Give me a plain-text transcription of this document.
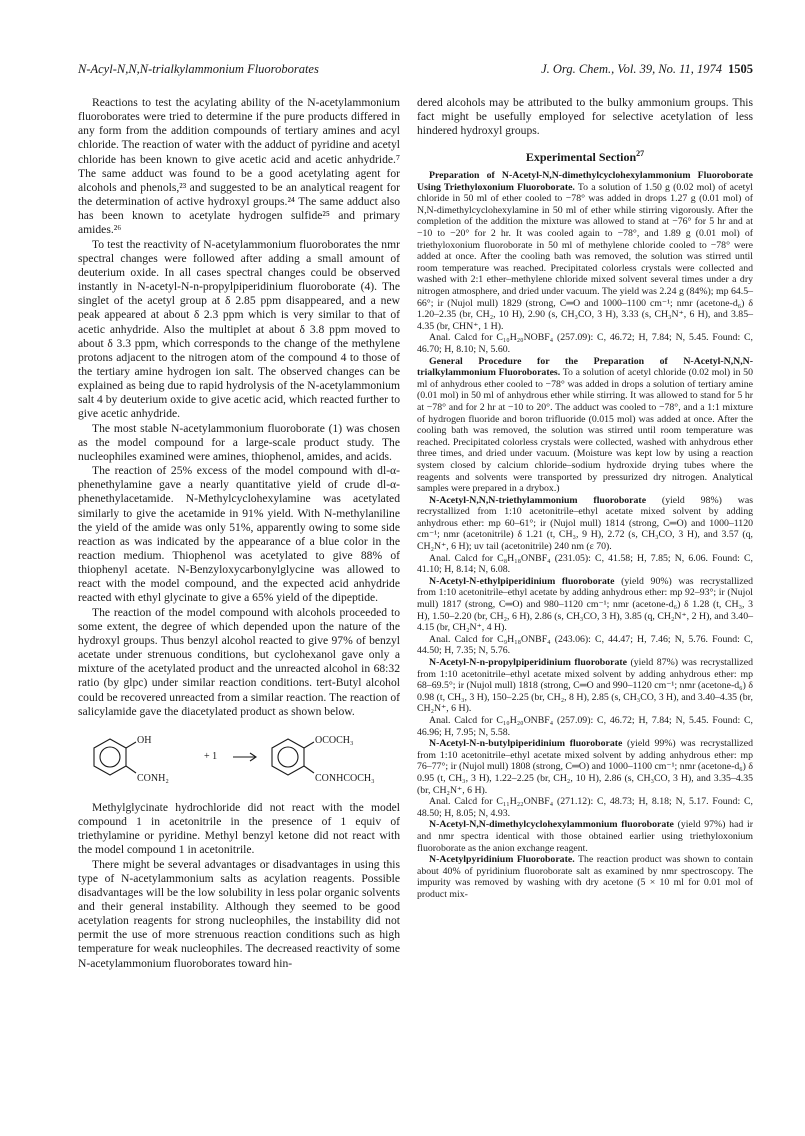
N-Acyl-N,N,N-trialkylammonium Fluoroborates	J. Org. Chem., Vol. 39, No. 11, 1974 1505

Reactions to test the acylating ability of the N-acetylammonium fluoroborates were tried to determine if the pure products differed in any form from the addition compounds of tertiary amines and acyl chloride. The reaction of water with the adduct of pyridine and acetyl chloride has been known to give acetic acid and acetic anhydride.⁷ The same adduct was found to be a good acetylating agent for alcohols and phenols,²³ and suggested to be an analytical reagent for the determination of active hydroxyl groups.²⁴ The same adduct also has been known to acetylate hydrogen sulfide²⁵ and primary amides.²⁶

To test the reactivity of N-acetylammonium fluoroborates the nmr spectral changes were followed after adding a small amount of deuterium oxide. In all cases spectral changes could be observed instantly in N-acetyl-N-n-propylpiperidinium fluoroborate (4). The singlet of the acetyl group at δ 2.85 ppm disappeared, and a new peak appeared at about δ 2.3 ppm which is very similar to that of acetic anhydride. Also the multiplet at about δ 3.8 ppm moved to about δ 3.3 ppm, which corresponds to the change of the methylene protons adjacent to the nitrogen atom of the compound 4 to those of the tertiary amine hydrogen ion salt. The observed changes can be explained as being due to rapid hydrolysis of the N-acetylammonium salt 4 by deuterium oxide to give acetic acid, which reacted further to give acetic anhydride.

The most stable N-acetylammonium fluoroborate (1) was chosen as the model compound for a large-scale product study. The nucleophiles examined were amines, thiophenol, amides, and acids.

The reaction of 25% excess of the model compound with dl-α-phenethylamine gave a nearly quantitative yield of crude dl-α-phenethylacetamide. N-Methylcyclohexylamine was acetylated similarly to give the acetamide in 91% yield. With N-methylaniline the yield of the amide was only 51%, apparently owing to some side reaction as was indicated by the appearance of a blue color in the reaction medium. Thiophenol was acetylated to give 88% of thiophenyl acetate. N-Benzyloxycarbonylglycine was allowed to react with the model compound, and the expected acid anhydride reacted with ethyl glycinate to give a 65% yield of the dipeptide.

The reaction of the model compound with alcohols proceeded to some extent, the degree of which depended upon the nature of the hydroxyl groups. Thus benzyl alcohol reacted to give 97% of benzyl acetate under strenuous conditions, but cyclohexanol gave only a mixture of the acetylated product and the unreacted alcohol in 68:32 ratio (by glpc) under similar reaction conditions. tert-Butyl alcohol could be recovered unreacted from a similar reaction. The reaction of salicylamide gave the diacetylated product as shown below.

OH
CONH₂
+ 1
OCOCH₃
CONHCOCH₃

Methylglycinate hydrochloride did not react with the model compound 1 in acetonitrile in the presence of 1 equiv of triethylamine or pyridine. Methyl benzyl ketone did not react with the model compound 1 in acetonitrile.

There might be several advantages or disadvantages in using this type of N-acetylammonium salts as acylation reagents. Possible disadvantages will be the low solubility in less polar organic solvents and their general instability. Although they seemed to be good acetylation reagents for strong nucleophiles, the instability did not permit the use of more strenuous reaction conditions such as high temperature for weak nucleophiles. The decreased reactivity of some N-acetylammonium fluoroborates toward hin-

dered alcohols may be attributed to the bulky ammonium groups. This fact might be usefully employed for selective acetylation of less hindered hydroxyl groups.

Experimental Section$^{27}$

Preparation of N-Acetyl-N,N-dimethylcyclohexylammonium Fluoroborate Using Triethyloxonium Fluoroborate. To a solution of 1.50 g (0.02 mol) of acetyl chloride in 50 ml of ether cooled to −78° was added in drops 1.27 g (0.01 mol) of N,N-dimethylcyclohexylamine in 50 ml of ether while stirring vigorously. After the completion of the addition the mixture was allowed to stand at −76° for 5 hr and at −10 to −20° for 2 hr. It was cooled again to −78°, and 1.89 g (0.01 mol) of triethyloxonium fluoroborate in 50 ml of methylene chloride cooled to −78° were added at once. After the cooling bath was removed, the solution was stirred until room temperature was reached. Precipitated colorless crystals were collected and washed with 2:1 ether–methylene chloride mixed solvent several times under a dry nitrogen atmosphere, and dried under vacuum. The yield was 2.24 g (84%); mp 64.5–66°; ir (Nujol mull) 1829 (strong, C═O and 1000–1100 cm⁻¹; nmr (acetone-d₆) δ 1.20–2.35 (br, CH₂, 10 H), 2.90 (s, CH₃CO, 3 H), 3.33 (s, CH₃N⁺, 6 H), and 3.85–4.35 (br, CHN⁺, 1 H).

Anal. Calcd for C₁₀H₂₀NOBF₄ (257.09): C, 46.72; H, 7.84; N, 5.45. Found: C, 46.70; H, 8.10; N, 5.60.

General Procedure for the Preparation of N-Acetyl-N,N,N-trialkylammonium Fluoroborates. To a solution of acetyl chloride (0.02 mol) in 50 ml of anhydrous ether cooled to −78° was added in drops a solution of tertiary amine (0.01 mol) in 50 ml of anhydrous ether while stirring. It was allowed to stand for 5 hr at −78° and for 2 hr at −10 to 20°. The adduct was cooled to −78°, and a 1:1 mixture of hydrogen fluoride and boron trifluoride (0.015 mol) was added at once. After the cooling bath was removed, the solution was stirred until room temperature was reached. Precipitated colorless crystals were collected, washed with anhydrous ether three times, and dried under vacuum. (Moisture was kept low by using a reaction system closed by calcium chloride–sodium hydroxide drying tubes where the reagents and solvents were transported by pressurized dry nitrogen. Analytical samples were prepared in a drybox.)

N-Acetyl-N,N,N-triethylammonium fluoroborate (yield 98%) was recrystallized from 1:10 acetonitrile–ethyl acetate mixed solvent by adding anhydrous ether: mp 60–61°; ir (Nujol mull) 1814 (strong, C═O) and 1000–1120 cm⁻¹; nmr (acetonitrile) δ 1.21 (t, CH₃, 9 H), 2.72 (s, CH₃CO, 3 H), and 3.57 (q, CH₂N⁺, 6 H); uv tail (acetonitrile) 240 nm (ε 70).

Anal. Calcd for C₈H₁₈ONBF₄ (231.05): C, 41.58; H, 7.85; N, 6.06. Found: C, 41.10; H, 8.14; N, 6.08.

N-Acetyl-N-ethylpiperidinium fluoroborate (yield 90%) was recrystallized from 1:10 acetonitrile–ethyl acetate by adding anhydrous ether: mp 92–93°; ir (Nujol mull) 1817 (strong, C═O) and 980–1120 cm⁻¹; nmr (acetone-d₆) δ 1.28 (t, CH₃, 3 H), 1.50–2.20 (br, CH₂, 6 H), 2.86 (s, CH₃CO, 3 H), 3.85 (q, CH₂N⁺, 2 H), and 3.40–4.15 (br, CH₂N⁺, 4 H).

Anal. Calcd for C₉H₁₈ONBF₄ (243.06): C, 44.47; H, 7.46; N, 5.76. Found: C, 44.50; H, 7.35; N, 5.76.

N-Acetyl-N-n-propylpiperidinium fluoroborate (yield 87%) was recrystallized from 1:10 acetonitrile–ethyl acetate mixed solvent by adding anhydrous ether: mp 68–69.5°; ir (Nujol mull) 1818 (strong, C═O and 990–1120 cm⁻¹; nmr (acetone-d₆) δ 0.98 (t, CH₃, 3 H), 150–2.25 (br, CH₂, 8 H), 2.85 (s, CH₃CO, 3 H), and 3.40–4.35 (br, CH₂N⁺, 6 H).

Anal. Calcd for C₁₀H₂₀ONBF₄ (257.09): C, 46.72; H, 7.84; N, 5.45. Found: C, 46.96; H, 7.95; N, 5.58.

N-Acetyl-N-n-butylpiperidinium fluoroborate (yield 99%) was recrystallized from 1:10 acetonitrile–ethyl acetate mixed solvent by adding anhydrous ether: mp 76–77°; ir (Nujol mull) 1808 (strong, C═O) and 1000–1100 cm⁻¹; nmr (acetone-d₆) δ 0.95 (t, CH₃, 3 H), 1.22–2.25 (br, CH₂, 10 H), 2.86 (s, CH₃CO, 3 H), and 3.35–4.35 (br, CH₂N⁺, 6 H).

Anal. Calcd for C₁₁H₂₂ONBF₄ (271.12): C, 48.73; H, 8.18; N, 5.17. Found: C, 48.50; H, 8.05; N, 4.93.

N-Acetyl-N,N-dimethylcyclohexylammonium fluoroborate (yield 97%) had ir and nmr spectra identical with those obtained earlier using triethyloxonium fluoroborate as the anion exchange reagent.

N-Acetylpyridinium Fluoroborate. The reaction product was shown to contain about 40% of pyridinium fluoroborate salt as examined by nmr spectroscopy. The impurity was removed by washing with dry acetone (5 × 10 ml for 0.01 mol of product mix-
